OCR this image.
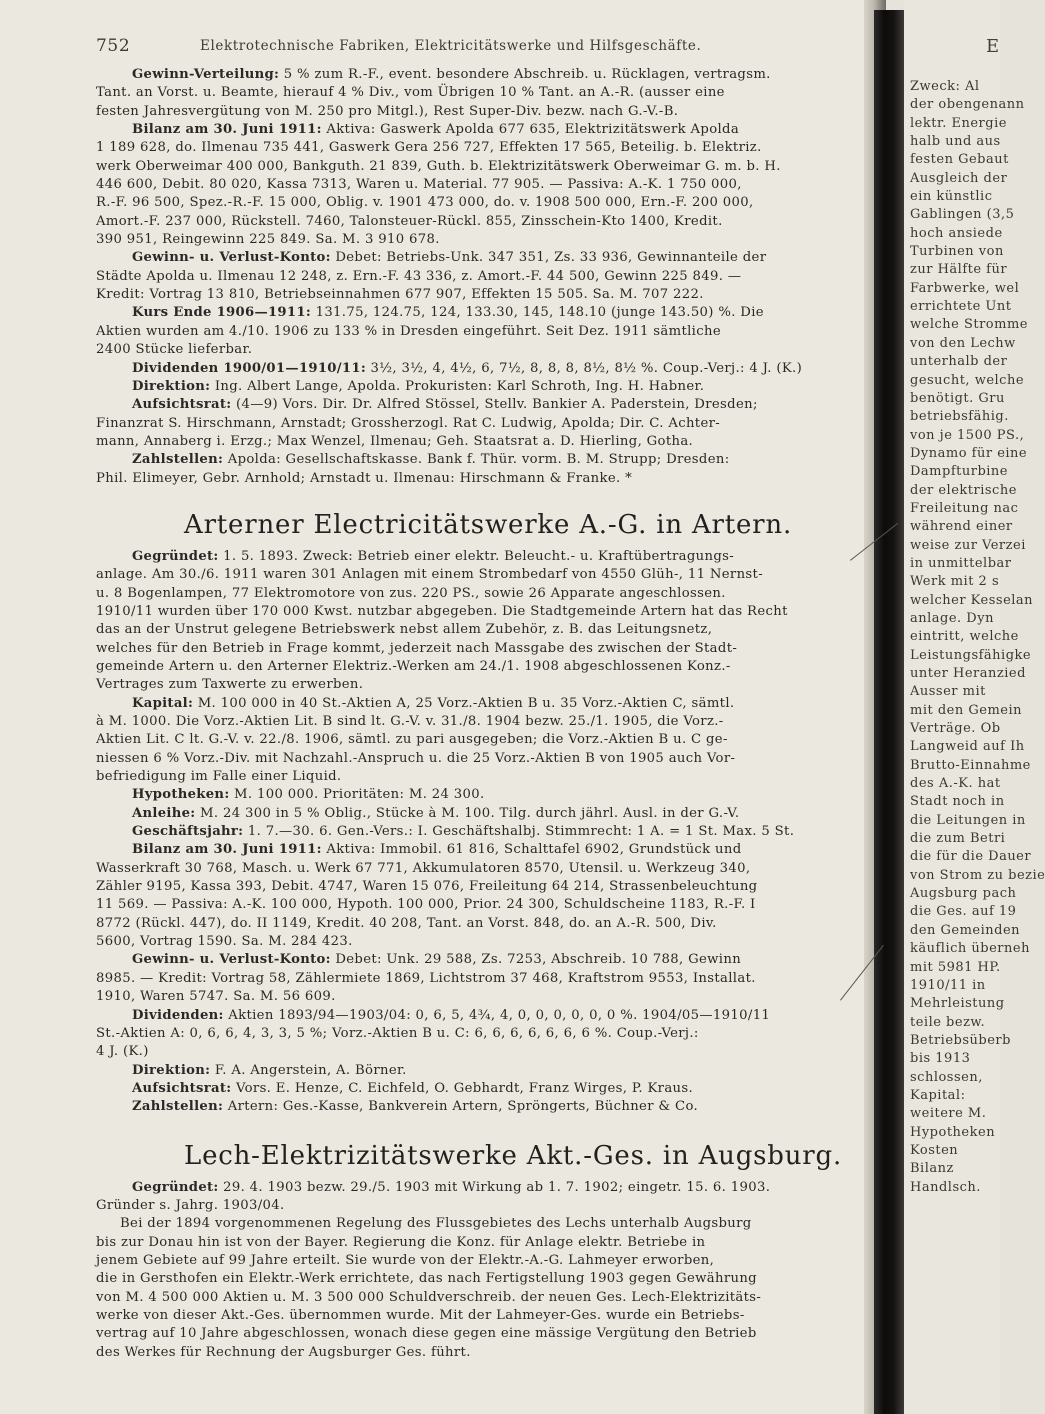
752	Elektrotechnische Fabriken, Elektricitätswerke und Hilfsgeschäfte.
Gewinn-Verteilung: 5 % zum R.-F., event. besondere Abschreib. u. Rücklagen, vertragsm.
Tant. an Vorst. u. Beamte, hierauf 4 % Div., vom Übrigen 10 % Tant. an A.-R. (ausser eine
festen Jahresvergütung von M. 250 pro Mitgl.), Rest Super-Div. bezw. nach G.-V.-B.
Bilanz am 30. Juni 1911: Aktiva: Gaswerk Apolda 677 635, Elektrizitätswerk Apolda
1 189 628, do. Ilmenau 735 441, Gaswerk Gera 256 727, Effekten 17 565, Beteilig. b. Elektriz.
werk Oberweimar 400 000, Bankguth. 21 839, Guth. b. Elektrizitätswerk Oberweimar G. m. b. H.
446 600, Debit. 80 020, Kassa 7313, Waren u. Material. 77 905. — Passiva: A.-K. 1 750 000,
R.-F. 96 500, Spez.-R.-F. 15 000, Oblig. v. 1901 473 000, do. v. 1908 500 000, Ern.-F. 200 000,
Amort.-F. 237 000, Rückstell. 7460, Talonsteuer-Rückl. 855, Zinsschein-Kto 1400, Kredit.
390 951, Reingewinn 225 849. Sa. M. 3 910 678.
Gewinn- u. Verlust-Konto: Debet: Betriebs-Unk. 347 351, Zs. 33 936, Gewinnanteile der
Städte Apolda u. Ilmenau 12 248, z. Ern.-F. 43 336, z. Amort.-F. 44 500, Gewinn 225 849. —
Kredit: Vortrag 13 810, Betriebseinnahmen 677 907, Effekten 15 505. Sa. M. 707 222.
Kurs Ende 1906—1911: 131.75, 124.75, 124, 133.30, 145, 148.10 (junge 143.50) %. Die
Aktien wurden am 4./10. 1906 zu 133 % in Dresden eingeführt. Seit Dez. 1911 sämtliche
2400 Stücke lieferbar.
Dividenden 1900/01—1910/11: 3½, 3½, 4, 4½, 6, 7½, 8, 8, 8, 8½, 8½ %. Coup.-Verj.: 4 J. (K.)
Direktion: Ing. Albert Lange, Apolda. Prokuristen: Karl Schroth, Ing. H. Habner.
Aufsichtsrat: (4—9) Vors. Dir. Dr. Alfred Stössel, Stellv. Bankier A. Paderstein, Dresden;
Finanzrat S. Hirschmann, Arnstadt; Grossherzogl. Rat C. Ludwig, Apolda; Dir. C. Achter-
mann, Annaberg i. Erzg.; Max Wenzel, Ilmenau; Geh. Staatsrat a. D. Hierling, Gotha.
Zahlstellen: Apolda: Gesellschaftskasse. Bank f. Thür. vorm. B. M. Strupp; Dresden:
Phil. Elimeyer, Gebr. Arnhold; Arnstadt u. Ilmenau: Hirschmann & Franke. *
Arterner Electricitätswerke A.-G. in Artern.
Gegründet: 1. 5. 1893. Zweck: Betrieb einer elektr. Beleucht.- u. Kraftübertragungs-
anlage. Am 30./6. 1911 waren 301 Anlagen mit einem Strombedarf von 4550 Glüh-, 11 Nernst-
u. 8 Bogenlampen, 77 Elektromotore von zus. 220 PS., sowie 26 Apparate angeschlossen.
1910/11 wurden über 170 000 Kwst. nutzbar abgegeben. Die Stadtgemeinde Artern hat das Recht
das an der Unstrut gelegene Betriebswerk nebst allem Zubehör, z. B. das Leitungsnetz,
welches für den Betrieb in Frage kommt, jederzeit nach Massgabe des zwischen der Stadt-
gemeinde Artern u. den Arterner Elektriz.-Werken am 24./1. 1908 abgeschlossenen Konz.-
Vertrages zum Taxwerte zu erwerben.
Kapital: M. 100 000 in 40 St.-Aktien A, 25 Vorz.-Aktien B u. 35 Vorz.-Aktien C, sämtl.
à M. 1000. Die Vorz.-Aktien Lit. B sind lt. G.-V. v. 31./8. 1904 bezw. 25./1. 1905, die Vorz.-
Aktien Lit. C lt. G.-V. v. 22./8. 1906, sämtl. zu pari ausgegeben; die Vorz.-Aktien B u. C ge-
niessen 6 % Vorz.-Div. mit Nachzahl.-Anspruch u. die 25 Vorz.-Aktien B von 1905 auch Vor-
befriedigung im Falle einer Liquid.
Hypotheken: M. 100 000. Prioritäten: M. 24 300.
Anleihe: M. 24 300 in 5 % Oblig., Stücke à M. 100. Tilg. durch jährl. Ausl. in der G.-V.
Geschäftsjahr: 1. 7.—30. 6. Gen.-Vers.: I. Geschäftshalbj. Stimmrecht: 1 A. = 1 St. Max. 5 St.
Bilanz am 30. Juni 1911: Aktiva: Immobil. 61 816, Schalttafel 6902, Grundstück und
Wasserkraft 30 768, Masch. u. Werk 67 771, Akkumulatoren 8570, Utensil. u. Werkzeug 340,
Zähler 9195, Kassa 393, Debit. 4747, Waren 15 076, Freileitung 64 214, Strassenbeleuchtung
11 569. — Passiva: A.-K. 100 000, Hypoth. 100 000, Prior. 24 300, Schuldscheine 1183, R.-F. I
8772 (Rückl. 447), do. II 1149, Kredit. 40 208, Tant. an Vorst. 848, do. an A.-R. 500, Div.
5600, Vortrag 1590. Sa. M. 284 423.
Gewinn- u. Verlust-Konto: Debet: Unk. 29 588, Zs. 7253, Abschreib. 10 788, Gewinn
8985. — Kredit: Vortrag 58, Zählermiete 1869, Lichtstrom 37 468, Kraftstrom 9553, Installat.
1910, Waren 5747. Sa. M. 56 609.
Dividenden: Aktien 1893/94—1903/04: 0, 6, 5, 4¾, 4, 0, 0, 0, 0, 0, 0 %. 1904/05—1910/11
St.-Aktien A: 0, 6, 6, 4, 3, 3, 5 %; Vorz.-Aktien B u. C: 6, 6, 6, 6, 6, 6, 6 %. Coup.-Verj.:
4 J. (K.)
Direktion: F. A. Angerstein, A. Börner.
Aufsichtsrat: Vors. E. Henze, C. Eichfeld, O. Gebhardt, Franz Wirges, P. Kraus.
Zahlstellen: Artern: Ges.-Kasse, Bankverein Artern, Spröngerts, Büchner & Co.
Lech-Elektrizitätswerke Akt.-Ges. in Augsburg.
Gegründet: 29. 4. 1903 bezw. 29./5. 1903 mit Wirkung ab 1. 7. 1902; eingetr. 15. 6. 1903.
Gründer s. Jahrg. 1903/04.
Bei der 1894 vorgenommenen Regelung des Flussgebietes des Lechs unterhalb Augsburg
bis zur Donau hin ist von der Bayer. Regierung die Konz. für Anlage elektr. Betriebe in
jenem Gebiete auf 99 Jahre erteilt. Sie wurde von der Elektr.-A.-G. Lahmeyer erworben,
die in Gersthofen ein Elektr.-Werk errichtete, das nach Fertigstellung 1903 gegen Gewährung
von M. 4 500 000 Aktien u. M. 3 500 000 Schuldverschreib. der neuen Ges. Lech-Elektrizitäts-
werke von dieser Akt.-Ges. übernommen wurde. Mit der Lahmeyer-Ges. wurde ein Betriebs-
vertrag auf 10 Jahre abgeschlossen, wonach diese gegen eine mässige Vergütung den Betrieb
des Werkes für Rechnung der Augsburger Ges. führt.
E
Zweck: Al
der obengenann
lektr. Energie
halb und aus
festen Gebaut
Ausgleich der
ein künstlic
Gablingen (3,5
hoch ansiede
Turbinen von
zur Hälfte für
Farbwerke, wel
errichtete Unt
welche Stromme
von den Lechw
unterhalb der
gesucht, welche
benötigt. Gru
betriebsfähig.
von je 1500 PS.,
Dynamo für eine
Dampfturbine
der elektrische
Freileitung nac
während einer
weise zur Verzei
in unmittelbar
Werk mit 2 s
welcher Kesselan
anlage. Dyn
eintritt, welche
Leistungsfähigke
unter Heranzied
Ausser mit
mit den Gemein
Verträge. Ob
Langweid auf Ih
Brutto-Einnahme
des A.-K. hat
Stadt noch in
die Leitungen in
die zum Betri
die für die Dauer
von Strom zu bezie
Augsburg pach
die Ges. auf 19
den Gemeinden
käuflich überneh
mit 5981 HP.
1910/11 in
Mehrleistung
teile bezw.
Betriebsüberb
bis 1913
schlossen,
Kapital:
weitere M.
Hypotheken
Kosten
Bilanz
Handlsch.
